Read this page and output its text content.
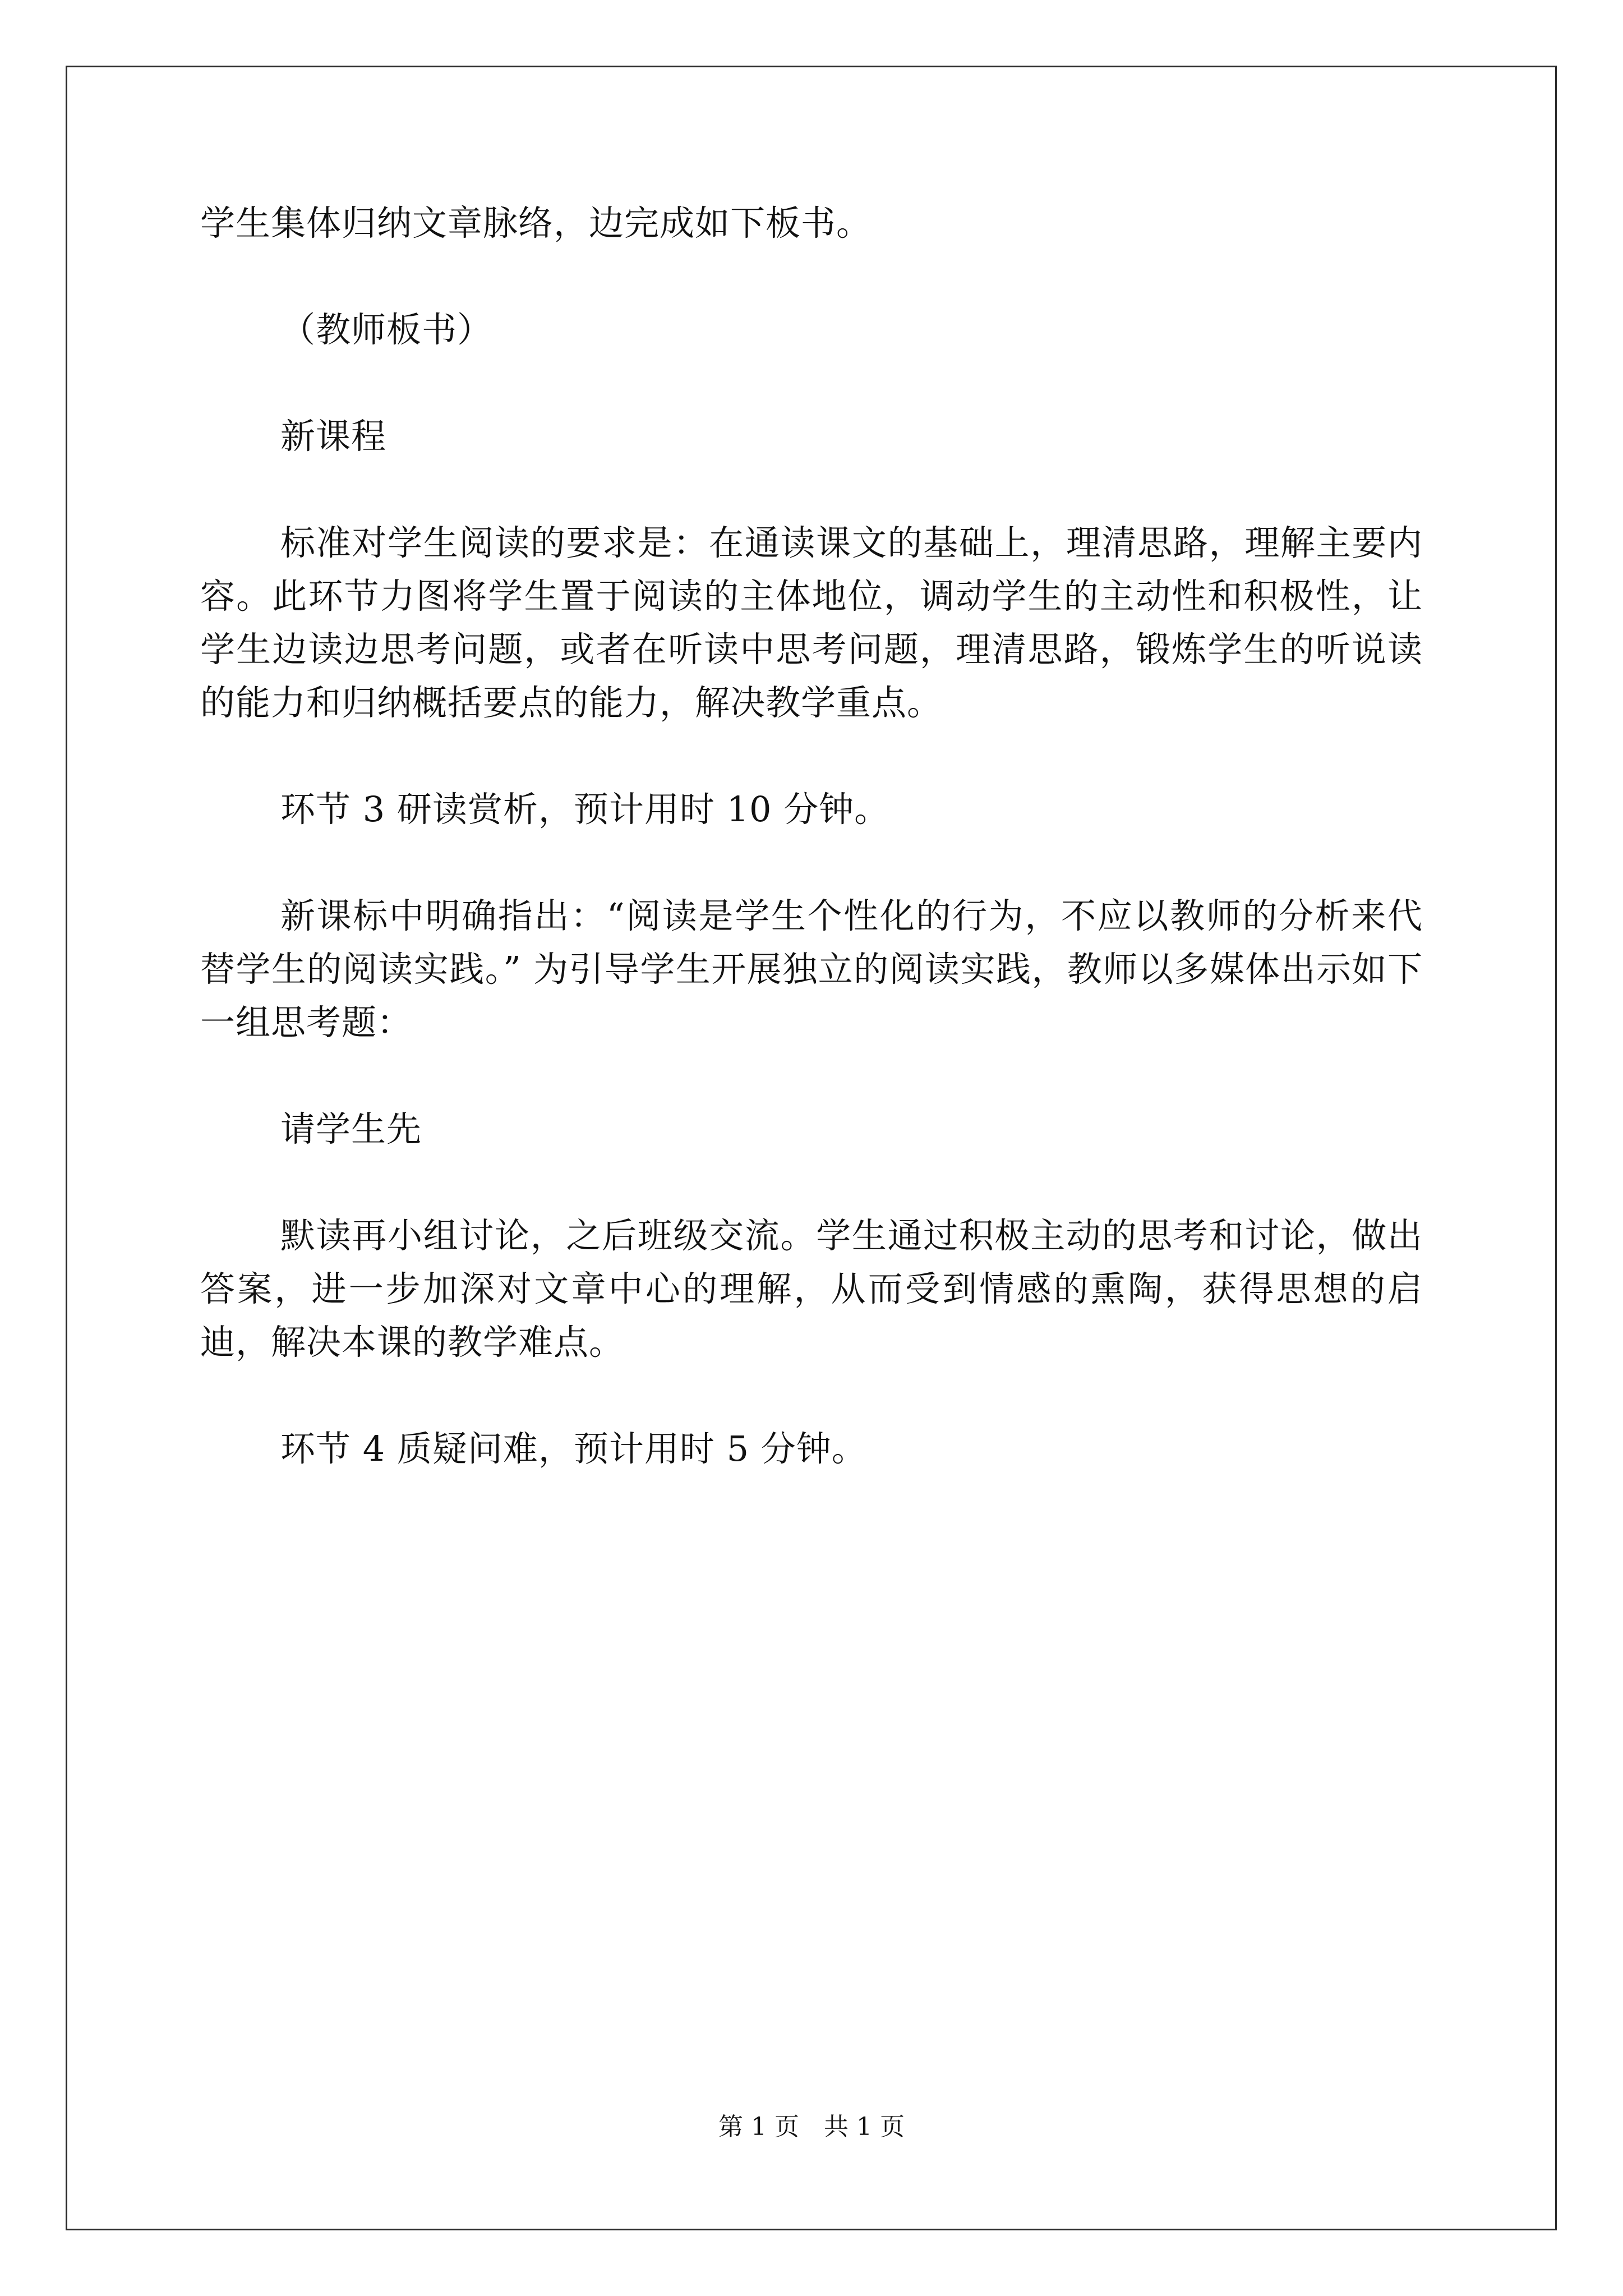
学生集体归纳文章脉络，边完成如下板书。

（教师板书）

新课程

标准对学生阅读的要求是：在通读课文的基础上，理清思路，理解主要内容。此环节力图将学生置于阅读的主体地位，调动学生的主动性和积极性，让学生边读边思考问题，或者在听读中思考问题，理清思路，锻炼学生的听说读的能力和归纳概括要点的能力，解决教学重点。

环节 3 研读赏析，预计用时 10 分钟。

新课标中明确指出：“阅读是学生个性化的行为，不应以教师的分析来代替学生的阅读实践。” 为引导学生开展独立的阅读实践，教师以多媒体出示如下一组思考题：

请学生先

默读再小组讨论，之后班级交流。学生通过积极主动的思考和讨论，做出答案，进一步加深对文章中心的理解，从而受到情感的熏陶，获得思想的启迪，解决本课的教学难点。

环节 4 质疑问难，预计用时 5 分钟。

第 1 页　共 1 页
